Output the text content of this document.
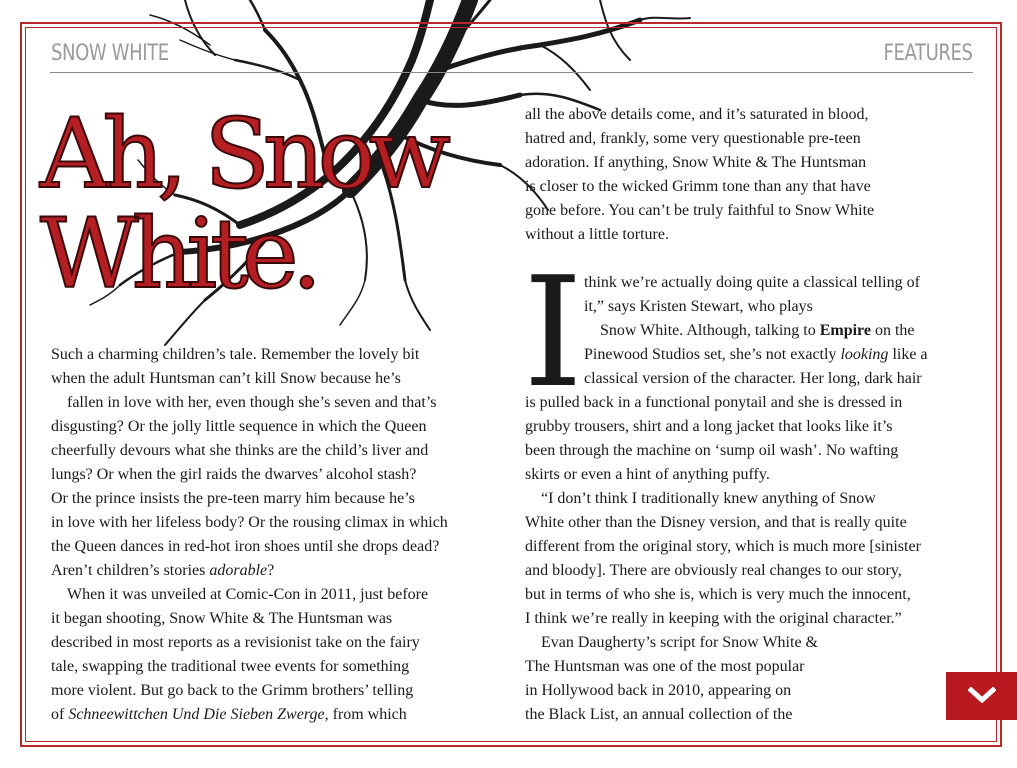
SNOW WHITE	FEATURES
Ah, Snow
White.

Such a charming children’s tale. Remember the lovely bit

when the adult Huntsman can’t kill Snow because he’s

fallen in love with her, even though she’s seven and that’s

disgusting? Or the jolly little sequence in which the Queen

cheerfully devours what she thinks are the child’s liver and

lungs? Or when the girl raids the dwarves’ alcohol stash?

Or the prince insists the pre-teen marry him because he’s

in love with her lifeless body? Or the rousing climax in which

the Queen dances in red-hot iron shoes until she drops dead?

Aren’t children’s stories adorable?

When it was unveiled at Comic-Con in 2011, just before

it began shooting, Snow White & The Huntsman was

described in most reports as a revisionist take on the fairy

tale, swapping the traditional twee events for something

more violent. But go back to the Grimm brothers’ telling

of Schneewittchen Und Die Sieben Zwerge, from which

all the above details come, and it’s saturated in blood,

hatred and, frankly, some very questionable pre-teen

adoration. If anything, Snow White & The Huntsman

is closer to the wicked Grimm tone than any that have

gone before. You can’t be truly faithful to Snow White

without a little torture.

I think we’re actually doing quite a classical telling of

it,” says Kristen Stewart, who plays

Snow White. Although, talking to Empire on the

Pinewood Studios set, she’s not exactly looking like a

classical version of the character. Her long, dark hair

is pulled back in a functional ponytail and she is dressed in

grubby trousers, shirt and a long jacket that looks like it’s

been through the machine on ‘sump oil wash’. No wafting

skirts or even a hint of anything puffy.

“I don’t think I traditionally knew anything of Snow

White other than the Disney version, and that is really quite

different from the original story, which is much more [sinister

and bloody]. There are obviously real changes to our story,

but in terms of who she is, which is very much the innocent,

I think we’re really in keeping with the original character.”

Evan Daugherty’s script for Snow White &

The Huntsman was one of the most popular

in Hollywood back in 2010, appearing on

the Black List, an annual collection of the
